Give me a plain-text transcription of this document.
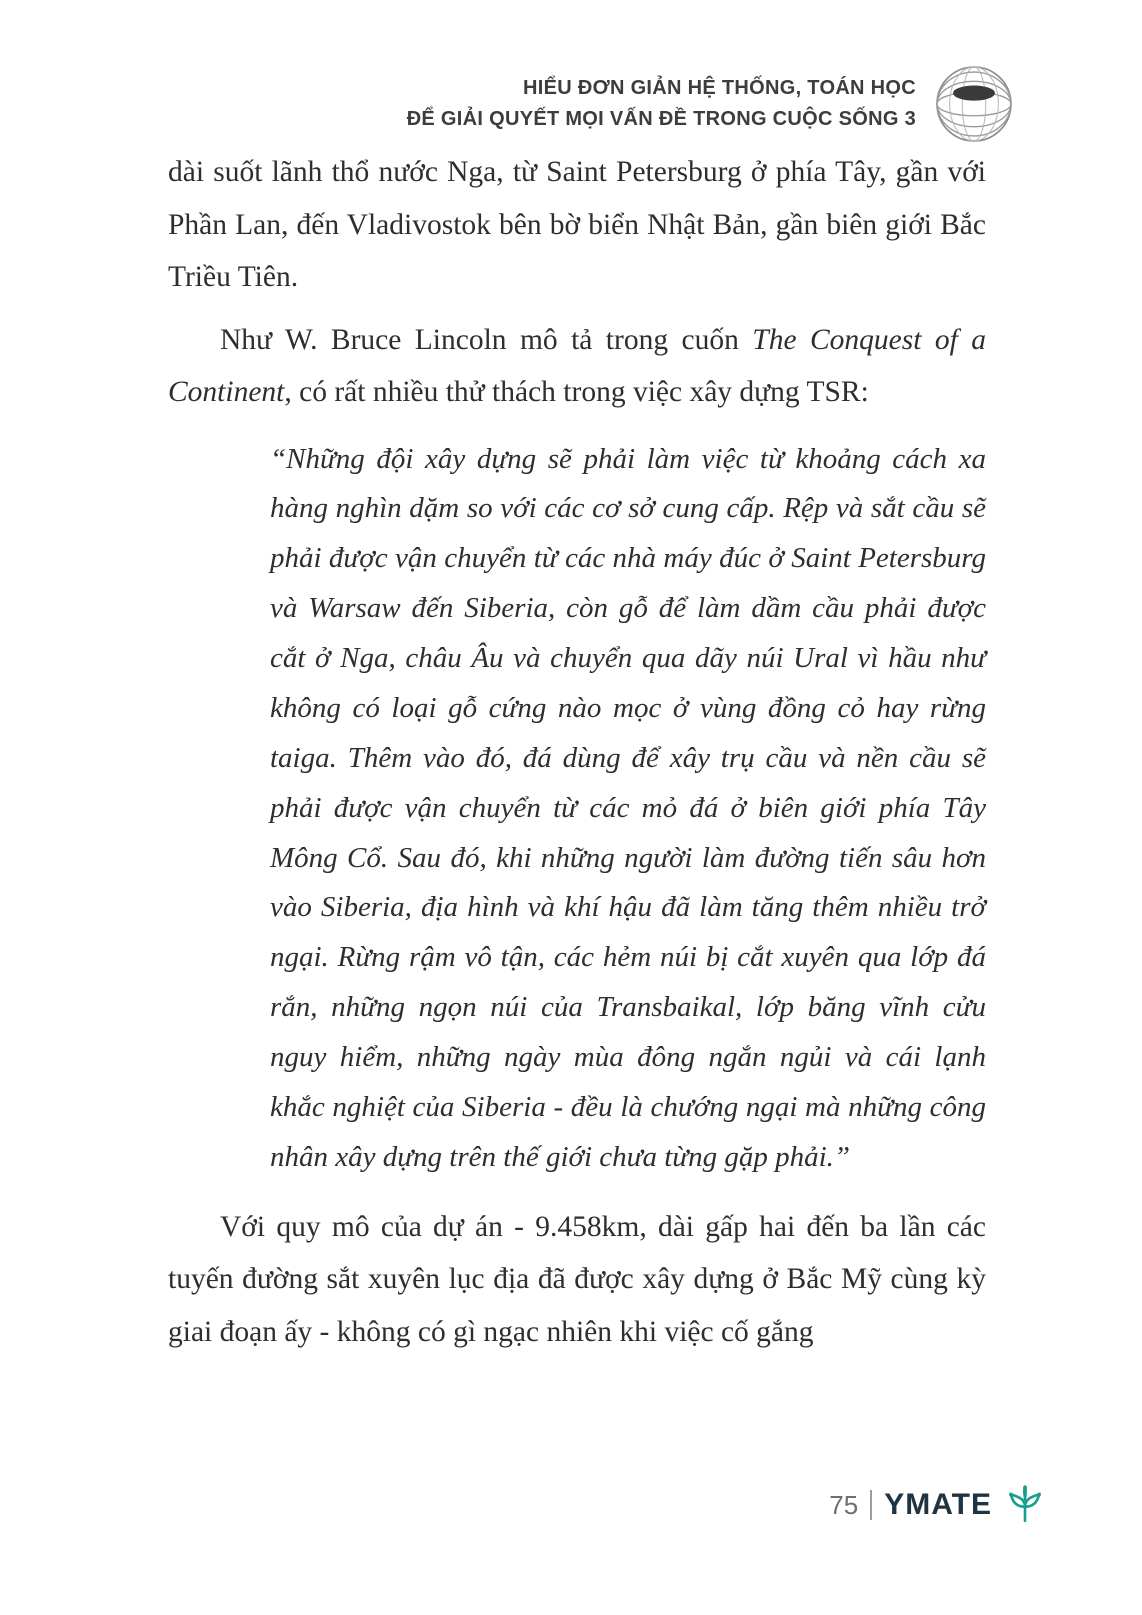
HIỂU ĐƠN GIẢN HỆ THỐNG, TOÁN HỌC
ĐỂ GIẢI QUYẾT MỌI VẤN ĐỀ TRONG CUỘC SỐNG 3

dài suốt lãnh thổ nước Nga, từ Saint Petersburg ở phía Tây, gần với Phần Lan, đến Vladivostok bên bờ biển Nhật Bản, gần biên giới Bắc Triều Tiên.

Như W. Bruce Lincoln mô tả trong cuốn The Conquest of a Continent, có rất nhiều thử thách trong việc xây dựng TSR:

“Những đội xây dựng sẽ phải làm việc từ khoảng cách xa hàng nghìn dặm so với các cơ sở cung cấp. Rệp và sắt cầu sẽ phải được vận chuyển từ các nhà máy đúc ở Saint Petersburg và Warsaw đến Siberia, còn gỗ để làm dầm cầu phải được cắt ở Nga, châu Âu và chuyển qua dãy núi Ural vì hầu như không có loại gỗ cứng nào mọc ở vùng đồng cỏ hay rừng taiga. Thêm vào đó, đá dùng để xây trụ cầu và nền cầu sẽ phải được vận chuyển từ các mỏ đá ở biên giới phía Tây Mông Cổ. Sau đó, khi những người làm đường tiến sâu hơn vào Siberia, địa hình và khí hậu đã làm tăng thêm nhiều trở ngại. Rừng rậm vô tận, các hẻm núi bị cắt xuyên qua lớp đá rắn, những ngọn núi của Transbaikal, lớp băng vĩnh cửu nguy hiểm, những ngày mùa đông ngắn ngủi và cái lạnh khắc nghiệt của Siberia - đều là chướng ngại mà những công nhân xây dựng trên thế giới chưa từng gặp phải.”

Với quy mô của dự án - 9.458km, dài gấp hai đến ba lần các tuyến đường sắt xuyên lục địa đã được xây dựng ở Bắc Mỹ cùng kỳ giai đoạn ấy - không có gì ngạc nhiên khi việc cố gắng

75 YMATE
